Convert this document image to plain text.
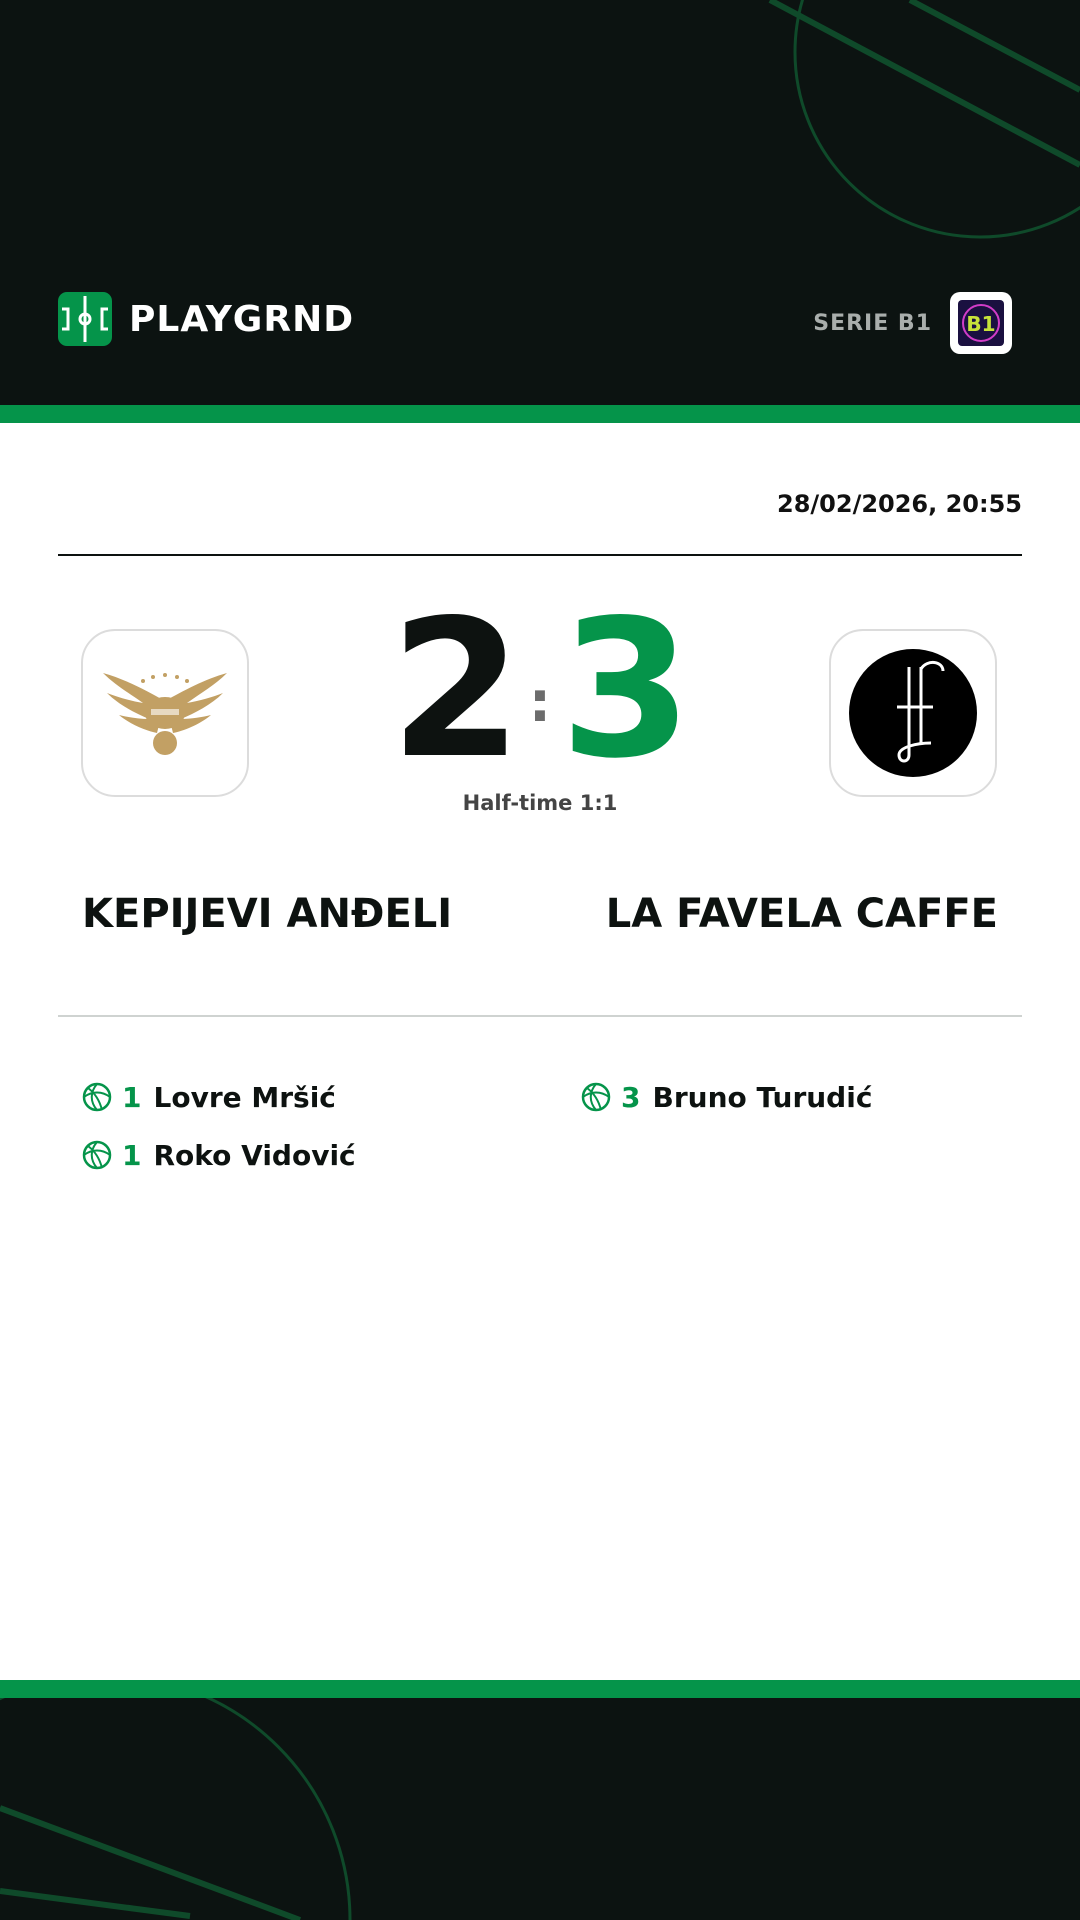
PLAYGRND	SERIE B1 B1
28/02/2026, 20:55
2 : 3
Half-time 1:1
KEPIJEVI ANĐELI	LA FAVELA CAFFE
1 Lovre Mršić
1 Roko Vidović
3 Bruno Turudić
